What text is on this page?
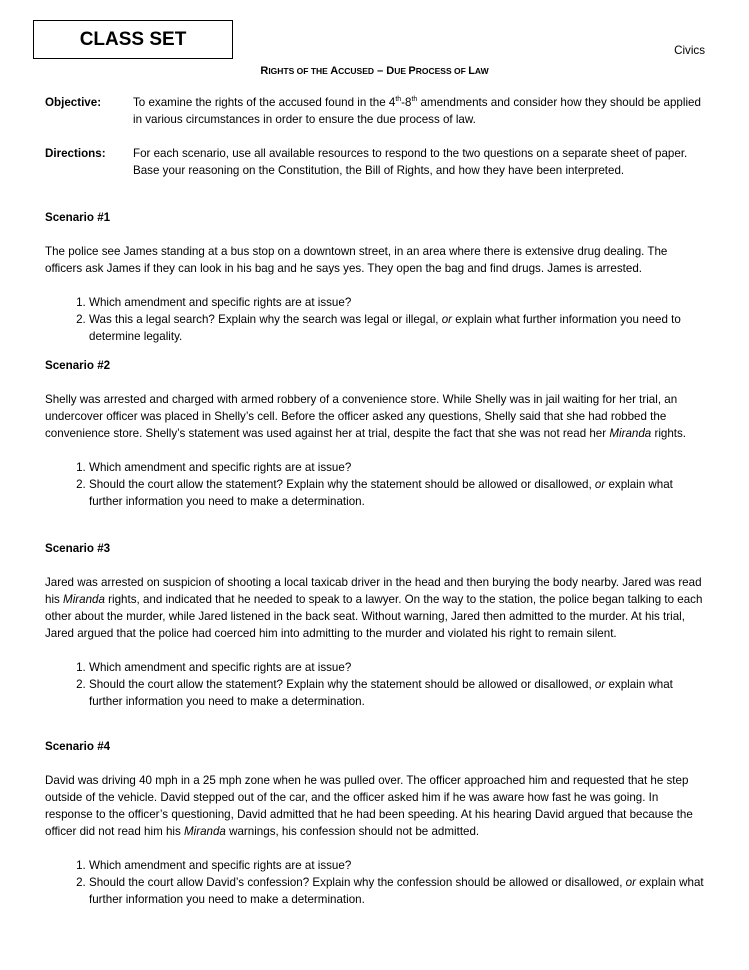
CLASS SET
Civics
RIGHTS OF THE ACCUSED – DUE PROCESS OF LAW
Objective:	To examine the rights of the accused found in the 4th-8th amendments and consider how they should be applied in various circumstances in order to ensure the due process of law.
Directions: For each scenario, use all available resources to respond to the two questions on a separate sheet of paper. Base your reasoning on the Constitution, the Bill of Rights, and how they have been interpreted.

Scenario #1

The police see James standing at a bus stop on a downtown street, in an area where there is extensive drug dealing. The officers ask James if they can look in his bag and he says yes. They open the bag and find drugs. James is arrested.

1. Which amendment and specific rights are at issue?
2. Was this a legal search? Explain why the search was legal or illegal, or explain what further information you need to determine legality.

Scenario #2

Shelly was arrested and charged with armed robbery of a convenience store. While Shelly was in jail waiting for her trial, an undercover officer was placed in Shelly’s cell. Before the officer asked any questions, Shelly said that she had robbed the convenience store. Shelly’s statement was used against her at trial, despite the fact that she was not read her Miranda rights.

1. Which amendment and specific rights are at issue?
2. Should the court allow the statement? Explain why the statement should be allowed or disallowed, or explain what further information you need to make a determination.

Scenario #3

Jared was arrested on suspicion of shooting a local taxicab driver in the head and then burying the body nearby. Jared was read his Miranda rights, and indicated that he needed to speak to a lawyer. On the way to the station, the police began talking to each other about the murder, while Jared listened in the back seat. Without warning, Jared then admitted to the murder. At his trial, Jared argued that the police had coerced him into admitting to the murder and violated his right to remain silent.

1. Which amendment and specific rights are at issue?
2. Should the court allow the statement? Explain why the statement should be allowed or disallowed, or explain what further information you need to make a determination.

Scenario #4

David was driving 40 mph in a 25 mph zone when he was pulled over. The officer approached him and requested that he step outside of the vehicle. David stepped out of the car, and the officer asked him if he was aware how fast he was going. In response to the officer’s questioning, David admitted that he had been speeding. At his hearing David argued that because the officer did not read him his Miranda warnings, his confession should not be admitted.

1. Which amendment and specific rights are at issue?
2. Should the court allow David’s confession? Explain why the confession should be allowed or disallowed, or explain what further information you need to make a determination.
